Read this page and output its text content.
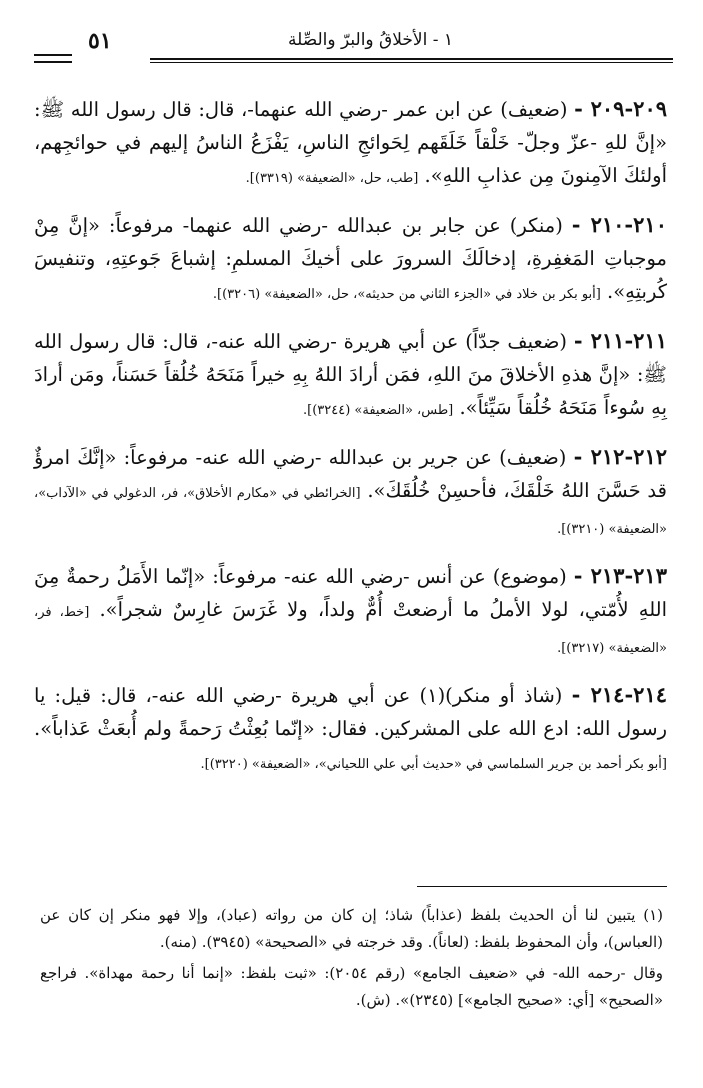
١ - الأخلاقُ والبرّ والصِّلة
٥١

٢٠٩-٢٠٩ - (ضعيف) عن ابن عمر -رضي الله عنهما-، قال: قال رسول الله ﷺ: «إنَّ للهِ -عزّ وجلّ- خَلْقاً خَلَقَهم لِحَوائجِ الناسِ، يَفْزَعُ الناسُ إليهم في حوائجِهم، أولئكَ الآمِنونَ مِن عذابِ اللهِ». [طب، حل، «الضعيفة» (٣٣١٩)].

٢١٠-٢١٠ - (منكر) عن جابر بن عبدالله -رضي الله عنهما- مرفوعاً: «إنَّ مِنْ موجباتِ المَغفِرةِ، إدخالَكَ السرورَ على أخيكَ المسلمِ: إشباعَ جَوعتِهِ، وتنفيسَ كُربتِهِ». [أبو بكر بن خلاد في «الجزء الثاني من حديثه»، حل، «الضعيفة» (٣٢٠٦)].

٢١١-٢١١ - (ضعيف جدّاً) عن أبي هريرة -رضي الله عنه-، قال: قال رسول الله ﷺ: «إنَّ هذهِ الأخلاقَ منَ اللهِ، فمَن أرادَ اللهُ بِهِ خيراً مَنَحَهُ خُلُقاً حَسَناً، ومَن أرادَ بِهِ سُوءاً مَنَحَهُ خُلُقاً سَيِّئاً». [طس، «الضعيفة» (٣٢٤٤)].

٢١٢-٢١٢ - (ضعيف) عن جرير بن عبدالله -رضي الله عنه- مرفوعاً: «إنَّكَ امرؤٌ قد حَسَّنَ اللهُ خَلْقَكَ، فأحسِنْ خُلُقَكَ». [الخرائطي في «مكارم الأخلاق»، فر، الدغولي في «الآداب»، «الضعيفة» (٣٢١٠)].

٢١٣-٢١٣ - (موضوع) عن أنس -رضي الله عنه- مرفوعاً: «إنّما الأَمَلُ رحمةٌ مِنَ اللهِ لأُمّتي، لولا الأملُ ما أرضعتْ أُمٌّ ولداً، ولا غَرَسَ غارِسٌ شجراً». [خط، فر، «الضعيفة» (٣٢١٧)].

٢١٤-٢١٤ - (شاذ أو منكر)(١) عن أبي هريرة -رضي الله عنه-، قال: قيل: يا رسول الله: ادع الله على المشركين. فقال: «إنّما بُعِثْتُ رَحمةً ولم أُبعَثْ عَذاباً». [أبو بكر أحمد بن جرير السلماسي في «حديث أبي علي اللحياني»، «الضعيفة» (٣٢٢٠)].

(١) يتبين لنا أن الحديث بلفظ (عذاباً) شاذ؛ إن كان من رواته (عباد)، وإلا فهو منكر إن كان عن (العباس)، وأن المحفوظ بلفظ: (لعاناً). وقد خرجته في «الصحيحة» (٣٩٤٥). (منه).

وقال -رحمه الله- في «ضعيف الجامع» (رقم ٢٠٥٤): «ثبت بلفظ: «إنما أنا رحمة مهداة». فراجع «الصحيح» [أي: «صحيح الجامع»] (٢٣٤٥)». (ش).
